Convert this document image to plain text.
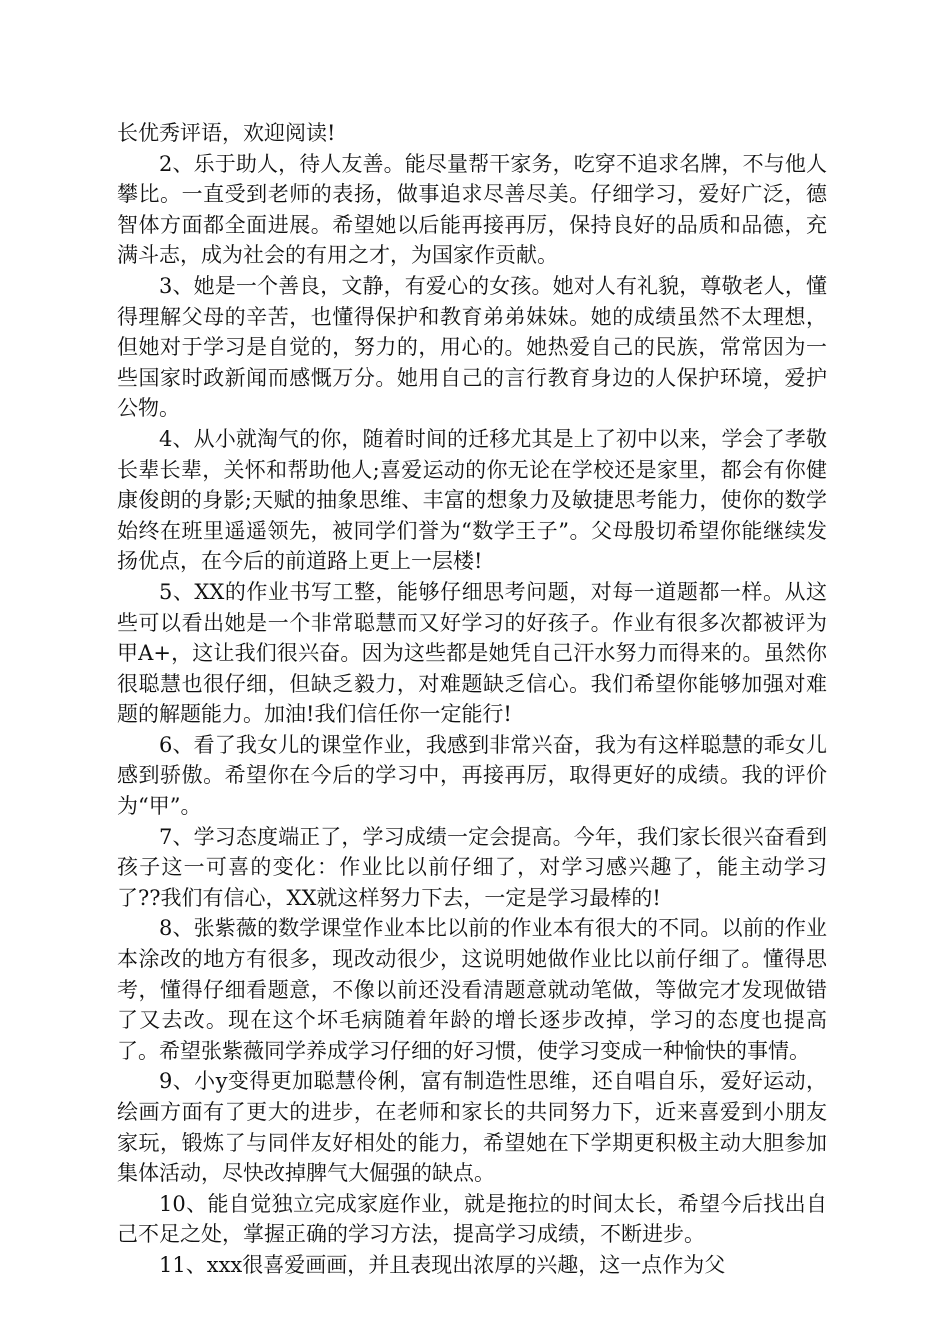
长优秀评语，欢迎阅读!

2、乐于助人，待人友善。能尽量帮干家务，吃穿不追求名牌，不与他人攀比。一直受到老师的表扬，做事追求尽善尽美。仔细学习，爱好广泛，德智体方面都全面进展。希望她以后能再接再厉，保持良好的品质和品德，充满斗志，成为社会的有用之才，为国家作贡献。

3、她是一个善良，文静，有爱心的女孩。她对人有礼貌，尊敬老人，懂得理解父母的辛苦，也懂得保护和教育弟弟妹妹。她的成绩虽然不太理想，但她对于学习是自觉的，努力的，用心的。她热爱自己的民族，常常因为一些国家时政新闻而感慨万分。她用自己的言行教育身边的人保护环境，爱护公物。

4、从小就淘气的你，随着时间的迁移尤其是上了初中以来，学会了孝敬长辈长辈，关怀和帮助他人;喜爱运动的你无论在学校还是家里，都会有你健康俊朗的身影;天赋的抽象思维、丰富的想象力及敏捷思考能力，使你的数学始终在班里遥遥领先，被同学们誉为“数学王子”。父母殷切希望你能继续发扬优点，在今后的前道路上更上一层楼!

5、XX的作业书写工整，能够仔细思考问题，对每一道题都一样。从这些可以看出她是一个非常聪慧而又好学习的好孩子。作业有很多次都被评为甲A+，这让我们很兴奋。因为这些都是她凭自己汗水努力而得来的。虽然你很聪慧也很仔细，但缺乏毅力，对难题缺乏信心。我们希望你能够加强对难题的解题能力。加油!我们信任你一定能行!

6、看了我女儿的课堂作业，我感到非常兴奋，我为有这样聪慧的乖女儿感到骄傲。希望你在今后的学习中，再接再厉，取得更好的成绩。我的评价为“甲”。

7、学习态度端正了，学习成绩一定会提高。今年，我们家长很兴奋看到孩子这一可喜的变化：作业比以前仔细了，对学习感兴趣了，能主动学习了??我们有信心，XX就这样努力下去，一定是学习最棒的!

8、张紫薇的数学课堂作业本比以前的作业本有很大的不同。以前的作业本涂改的地方有很多，现改动很少，这说明她做作业比以前仔细了。懂得思考，懂得仔细看题意，不像以前还没看清题意就动笔做，等做完才发现做错了又去改。现在这个坏毛病随着年龄的增长逐步改掉，学习的态度也提高了。希望张紫薇同学养成学习仔细的好习惯，使学习变成一种愉快的事情。

9、小y变得更加聪慧伶俐，富有制造性思维，还自唱自乐，爱好运动，绘画方面有了更大的进步，在老师和家长的共同努力下，近来喜爱到小朋友家玩，锻炼了与同伴友好相处的能力，希望她在下学期更积极主动大胆参加集体活动，尽快改掉脾气大倔强的缺点。

10、能自觉独立完成家庭作业，就是拖拉的时间太长，希望今后找出自己不足之处，掌握正确的学习方法，提高学习成绩，不断进步。

11、xxx很喜爱画画，并且表现出浓厚的兴趣，这一点作为父
